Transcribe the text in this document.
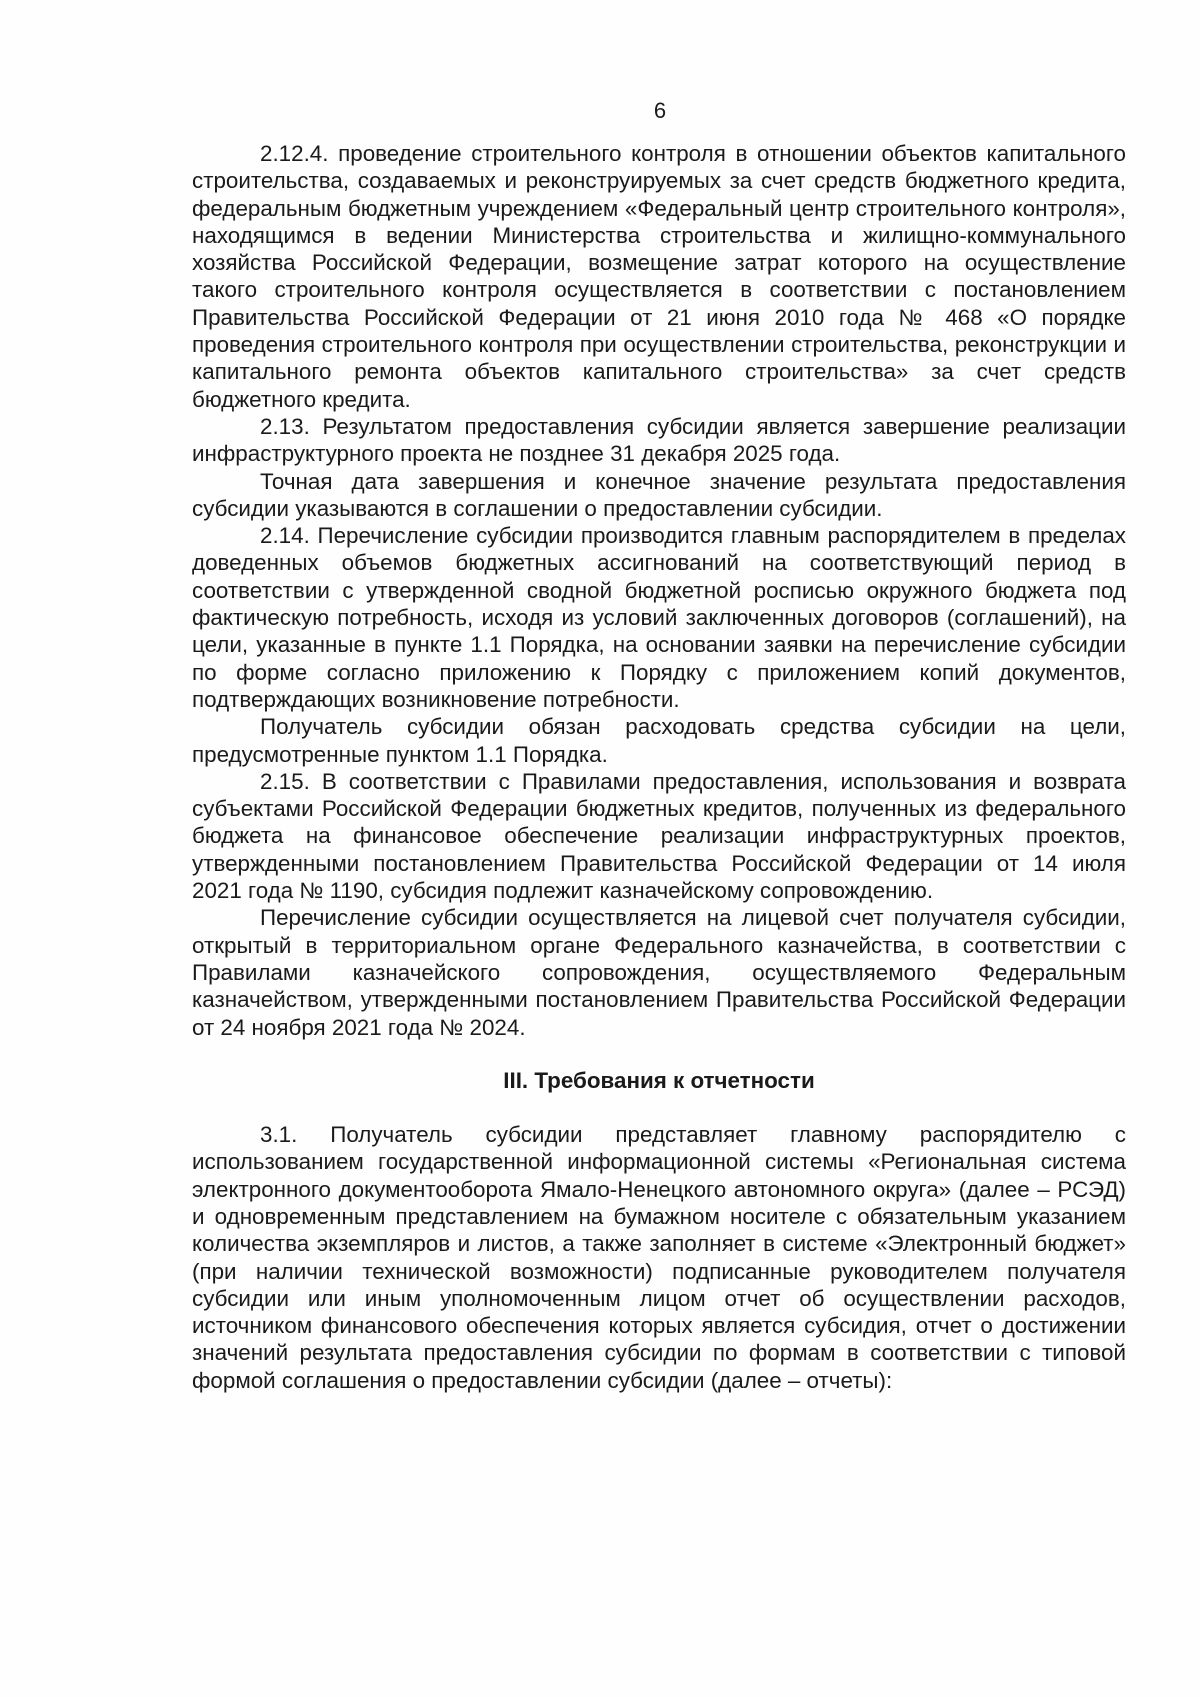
6

2.12.4. проведение строительного контроля в отношении объектов капитального строительства, создаваемых и реконструируемых за счет средств бюджетного кредита, федеральным бюджетным учреждением «Федеральный центр строительного контроля», находящимся в ведении Министерства строительства и жилищно-коммунального хозяйства Российской Федерации, возмещение затрат которого на осуществление такого строительного контроля осуществляется в соответствии с постановлением Правительства Российской Федерации от 21 июня 2010 года № 468 «О порядке проведения строительного контроля при осуществлении строительства, реконструкции и капитального ремонта объектов капитального строительства» за счет средств бюджетного кредита.

2.13. Результатом предоставления субсидии является завершение реализации инфраструктурного проекта не позднее 31 декабря 2025 года.

Точная дата завершения и конечное значение результата предоставления субсидии указываются в соглашении о предоставлении субсидии.

2.14. Перечисление субсидии производится главным распорядителем в пределах доведенных объемов бюджетных ассигнований на соответствующий период в соответствии с утвержденной сводной бюджетной росписью окружного бюджета под фактическую потребность, исходя из условий заключенных договоров (соглашений), на цели, указанные в пункте 1.1 Порядка, на основании заявки на перечисление субсидии по форме согласно приложению к Порядку с приложением копий документов, подтверждающих возникновение потребности.

Получатель субсидии обязан расходовать средства субсидии на цели, предусмотренные пунктом 1.1 Порядка.

2.15. В соответствии с Правилами предоставления, использования и возврата субъектами Российской Федерации бюджетных кредитов, полученных из федерального бюджета на финансовое обеспечение реализации инфраструктурных проектов, утвержденными постановлением Правительства Российской Федерации от 14 июля 2021 года № 1190, субсидия подлежит казначейскому сопровождению.

Перечисление субсидии осуществляется на лицевой счет получателя субсидии, открытый в территориальном органе Федерального казначейства, в соответствии с Правилами казначейского сопровождения, осуществляемого Федеральным казначейством, утвержденными постановлением Правительства Российской Федерации от 24 ноября 2021 года № 2024.

III. Требования к отчетности

3.1. Получатель субсидии представляет главному распорядителю с использованием государственной информационной системы «Региональная система электронного документооборота Ямало-Ненецкого автономного округа» (далее – РСЭД) и одновременным представлением на бумажном носителе с обязательным указанием количества экземпляров и листов, а также заполняет в системе «Электронный бюджет» (при наличии технической возможности) подписанные руководителем получателя субсидии или иным уполномоченным лицом отчет об осуществлении расходов, источником финансового обеспечения которых является субсидия, отчет о достижении значений результата предоставления субсидии по формам в соответствии с типовой формой соглашения о предоставлении субсидии (далее – отчеты):
